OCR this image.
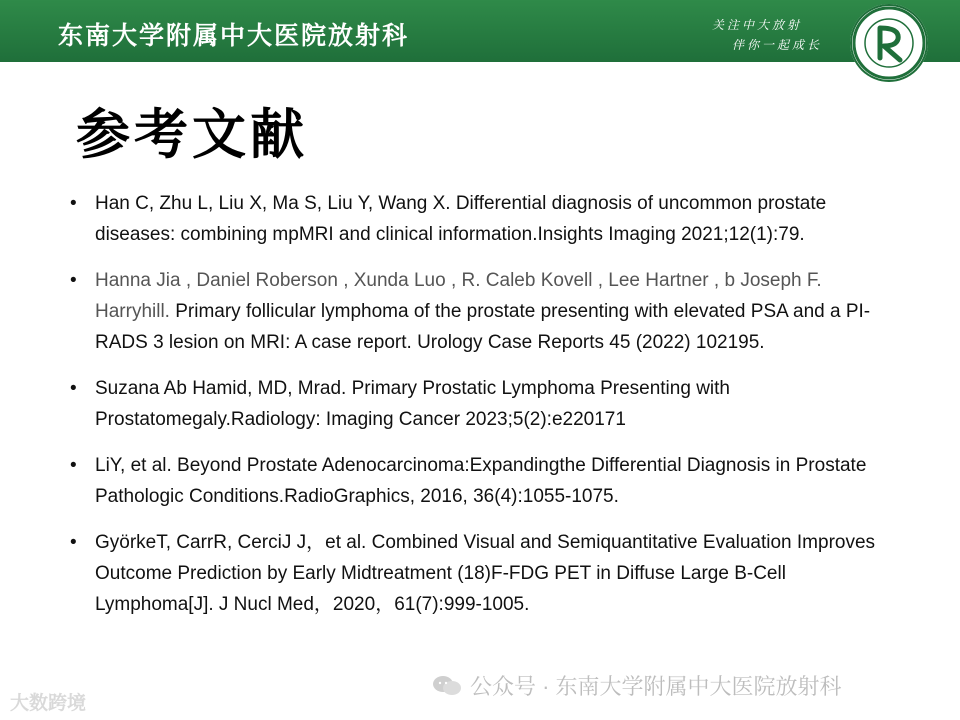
东南大学附属中大医院放射科	关注中大放射
伴你一起成长
参考文献
• Han C, Zhu L, Liu X, Ma S, Liu Y, Wang X. Differential diagnosis of uncommon prostate diseases: combining mpMRI and clinical information.Insights Imaging 2021;12(1):79.
• Hanna Jia , Daniel Roberson , Xunda Luo , R. Caleb Kovell , Lee Hartner , b Joseph F. Harryhill. Primary follicular lymphoma of the prostate presenting with elevated PSA and a PI-RADS 3 lesion on MRI: A case report. Urology Case Reports 45 (2022) 102195.
• Suzana Ab Hamid, MD, Mrad. Primary Prostatic Lymphoma Presenting with Prostatomegaly.Radiology: Imaging Cancer 2023;5(2):e220171
• LiY, et al. Beyond Prostate Adenocarcinoma:Expandingthe Differential Diagnosis in Prostate Pathologic Conditions.RadioGraphics, 2016, 36(4):1055-1075.
• GyörkeT, CarrR, CerciJ J，et al. Combined Visual and Semiquantitative Evaluation Improves Outcome Prediction by Early Midtreatment (18)F-FDG PET in Diffuse Large B-Cell Lymphoma[J]. J Nucl Med，2020，61(7):999-1005.
大数跨境
公众号 · 东南大学附属中大医院放射科
